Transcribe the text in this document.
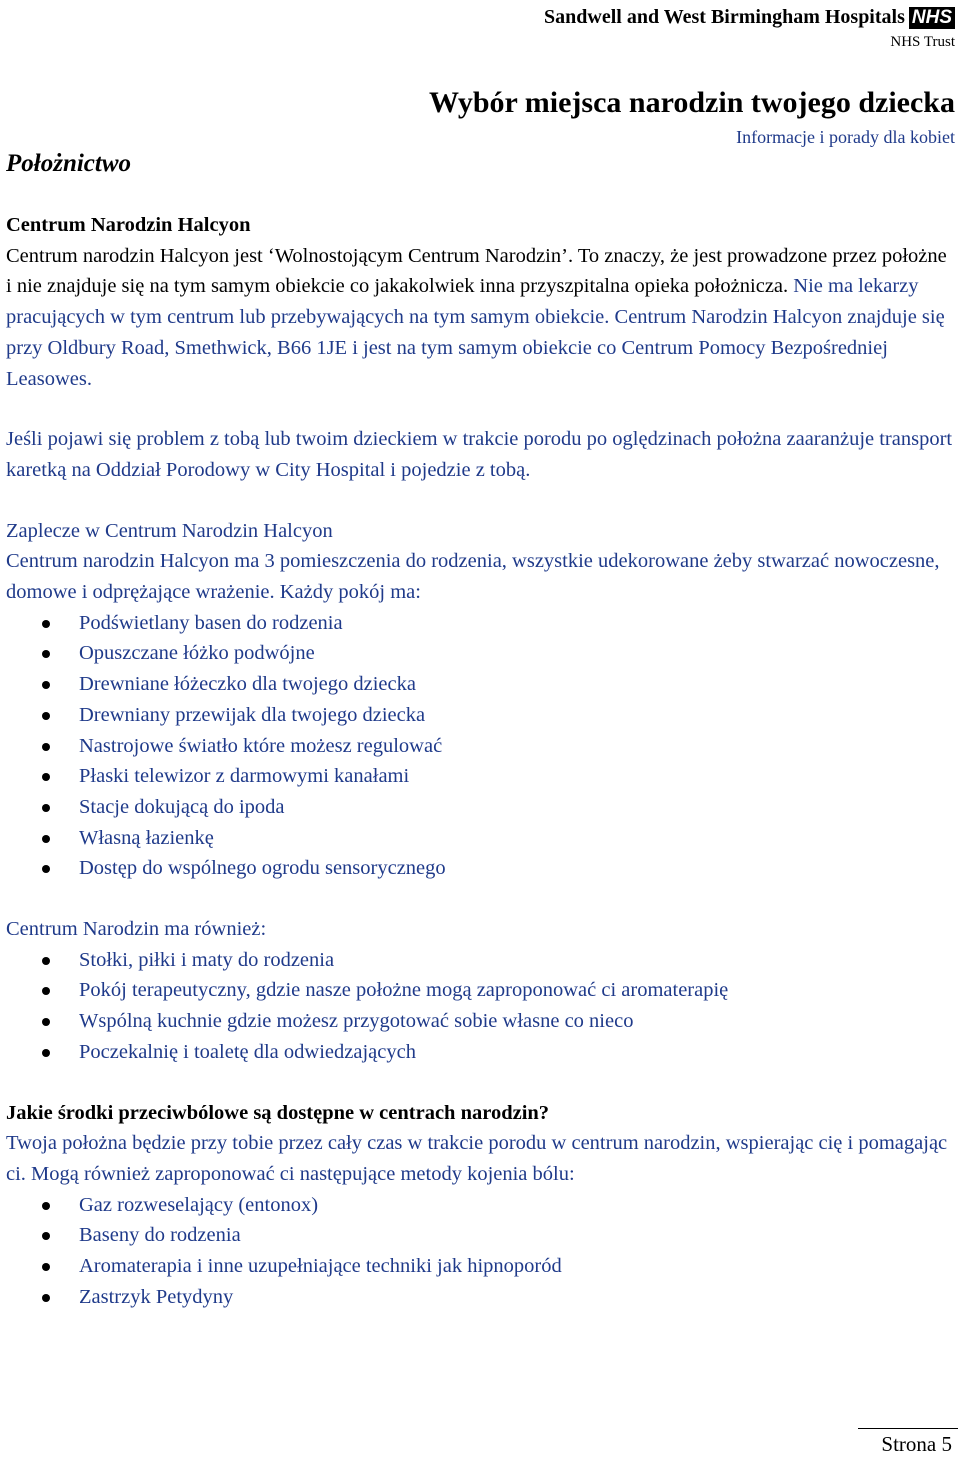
Sandwell and West Birmingham Hospitals NHS
NHS Trust
Wybór miejsca narodzin twojego dziecka
Informacje i porady dla kobiet
Położnictwo

Centrum Narodzin Halcyon

Centrum narodzin Halcyon jest ‘Wolnostojącym Centrum Narodzin’. To znaczy, że jest prowadzone przez położne i nie znajduje się na tym samym obiekcie co jakakolwiek inna przyszpitalna opieka położnicza. Nie ma lekarzy pracujących w tym centrum lub przebywających na tym samym obiekcie. Centrum Narodzin Halcyon znajduje się przy Oldbury Road, Smethwick, B66 1JE i jest na tym samym obiekcie co Centrum Pomocy Bezpośredniej Leasowes.

Jeśli pojawi się problem z tobą lub twoim dzieckiem w trakcie porodu po oględzinach położna zaaranżuje transport karetką na Oddział Porodowy w City Hospital i pojedzie z tobą.

Zaplecze w Centrum Narodzin Halcyon

Centrum narodzin Halcyon ma 3 pomieszczenia do rodzenia, wszystkie udekorowane żeby stwarzać nowoczesne, domowe i odprężające wrażenie. Każdy pokój ma:

Podświetlany basen do rodzenia
Opuszczane łóżko podwójne
Drewniane łóżeczko dla twojego dziecka
Drewniany przewijak dla twojego dziecka
Nastrojowe światło które możesz regulować
Płaski telewizor z darmowymi kanałami
Stacje dokującą do ipoda
Własną łazienkę
Dostęp do wspólnego ogrodu sensorycznego

Centrum Narodzin ma również:

Stołki, piłki i maty do rodzenia
Pokój terapeutyczny, gdzie nasze położne mogą zaproponować ci aromaterapię
Wspólną kuchnie gdzie możesz przygotować sobie własne co nieco
Poczekalnię i toaletę dla odwiedzających

Jakie środki przeciwbólowe są dostępne w centrach narodzin?

Twoja położna będzie przy tobie przez cały czas w trakcie porodu w centrum narodzin, wspierając cię i pomagając ci. Mogą również zaproponować ci następujące metody kojenia bólu:

Gaz rozweselający (entonox)
Baseny do rodzenia
Aromaterapia i inne uzupełniające techniki jak hipnoporód
Zastrzyk Petydyny
Strona 5
